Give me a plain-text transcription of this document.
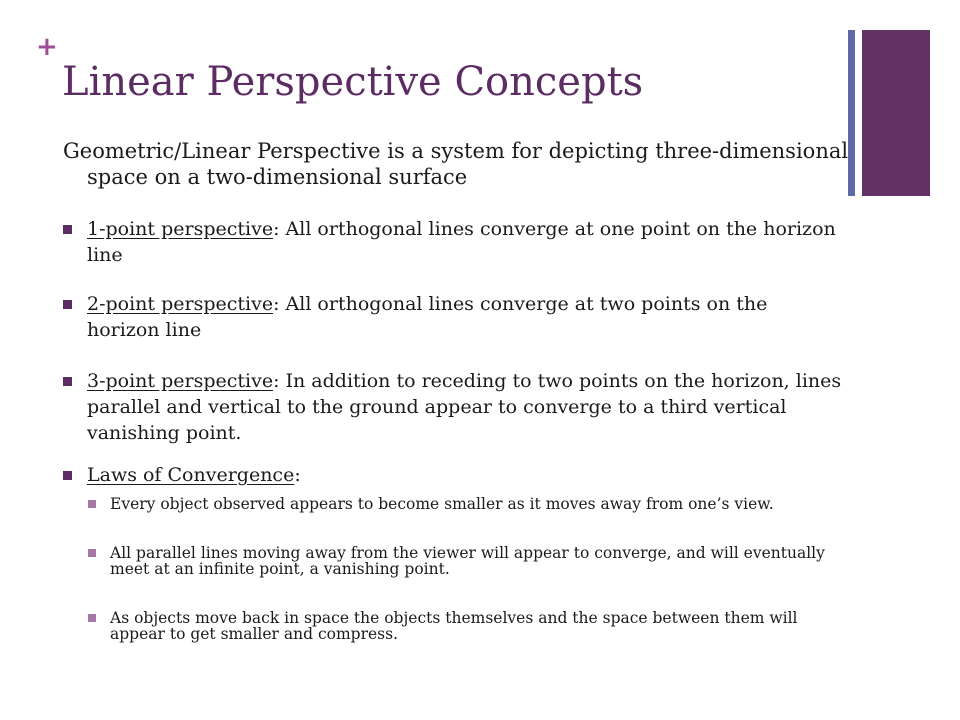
+
Linear Perspective Concepts

Geometric/Linear Perspective is a system for depicting three-dimensional space on a two-dimensional surface

1-point perspective: All orthogonal lines converge at one point on the horizon line
2-point perspective: All orthogonal lines converge at two points on the horizon line
3-point perspective: In addition to receding to two points on the horizon, lines parallel and vertical to the ground appear to converge to a third vertical vanishing point.
Laws of Convergence:
Every object observed appears to become smaller as it moves away from one’s view.
All parallel lines moving away from the viewer will appear to converge, and will eventually meet at an infinite point, a vanishing point.
As objects move back in space the objects themselves and the space between them will appear to get smaller and compress.
